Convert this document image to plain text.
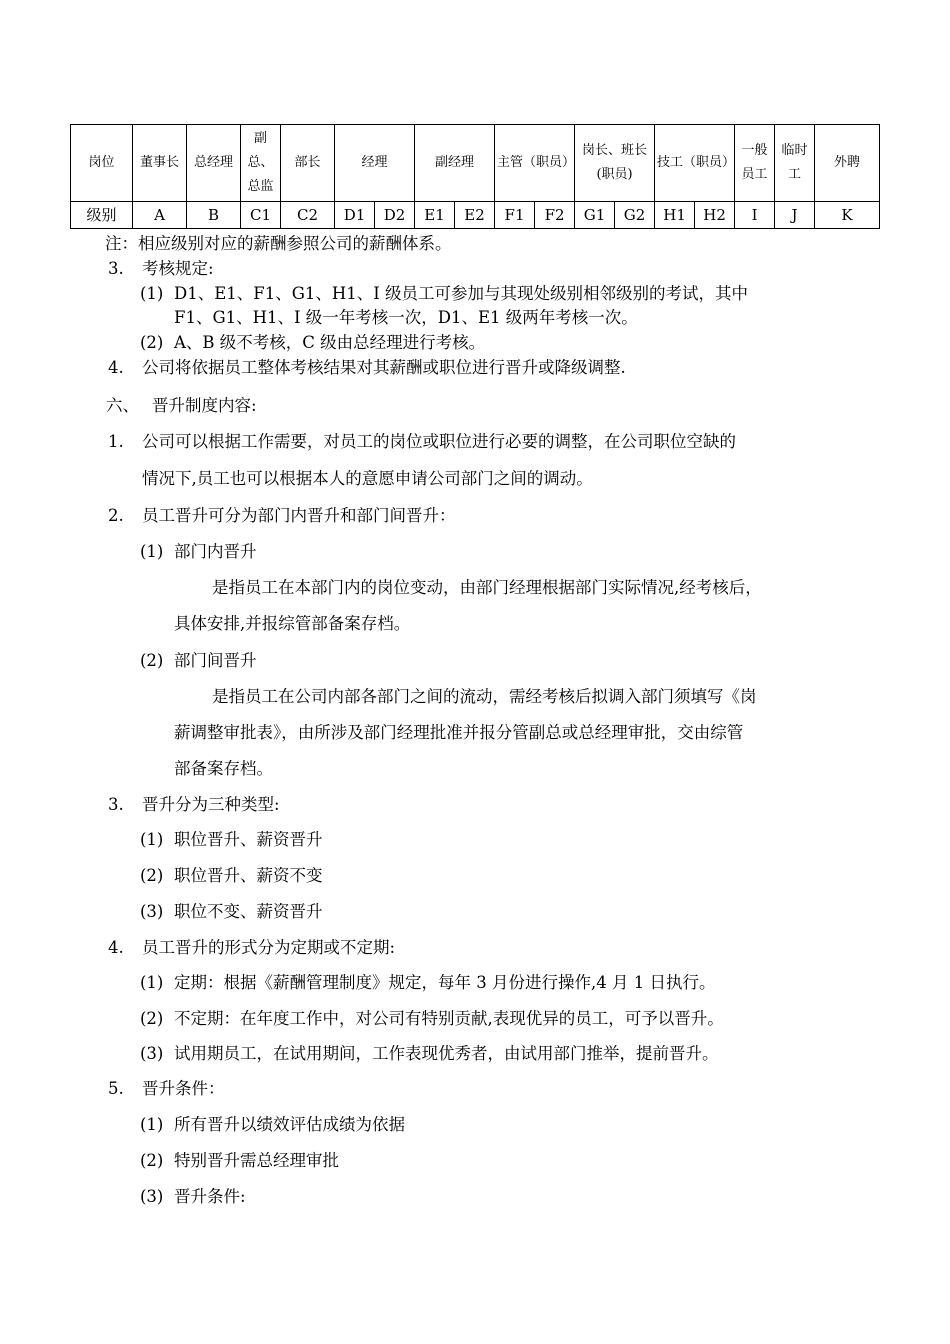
岗位	董事长	总经理	副总、总监	部长	经理		副经理		主管（职员）		岗长、班长(职员)		技工（职员）		一般员工	临时工	外聘
级别	A	B	C1	C2	D1	D2	E1	E2	F1	F2	G1	G2	H1	H2	I	J	K
注：相应级别对应的薪酬参照公司的薪酬体系。
3. 考核规定:
(1) D1、E1、F1、G1、H1、I 级员工可参加与其现处级别相邻级别的考试，其中
F1、G1、H1、I 级一年考核一次，D1、E1 级两年考核一次。
(2) A、B 级不考核，C 级由总经理进行考核。
4. 公司将依据员工整体考核结果对其薪酬或职位进行晋升或降级调整.
六、 晋升制度内容:
1. 公司可以根据工作需要，对员工的岗位或职位进行必要的调整，在公司职位空缺的
情况下,员工也可以根据本人的意愿申请公司部门之间的调动。
2. 员工晋升可分为部门内晋升和部门间晋升：
(1) 部门内晋升
是指员工在本部门内的岗位变动，由部门经理根据部门实际情况,经考核后，
具体安排,并报综管部备案存档。
(2) 部门间晋升
是指员工在公司内部各部门之间的流动，需经考核后拟调入部门须填写《岗
薪调整审批表》，由所涉及部门经理批准并报分管副总或总经理审批，交由综管
部备案存档。
3. 晋升分为三种类型:
(1) 职位晋升、薪资晋升
(2) 职位晋升、薪资不变
(3) 职位不变、薪资晋升
4. 员工晋升的形式分为定期或不定期:
(1) 定期：根据《薪酬管理制度》规定，每年 3 月份进行操作,4 月 1 日执行。
(2) 不定期：在年度工作中，对公司有特别贡献,表现优异的员工，可予以晋升。
(3) 试用期员工，在试用期间，工作表现优秀者，由试用部门推举，提前晋升。
5. 晋升条件：
(1) 所有晋升以绩效评估成绩为依据
(2) 特别晋升需总经理审批
(3) 晋升条件:
